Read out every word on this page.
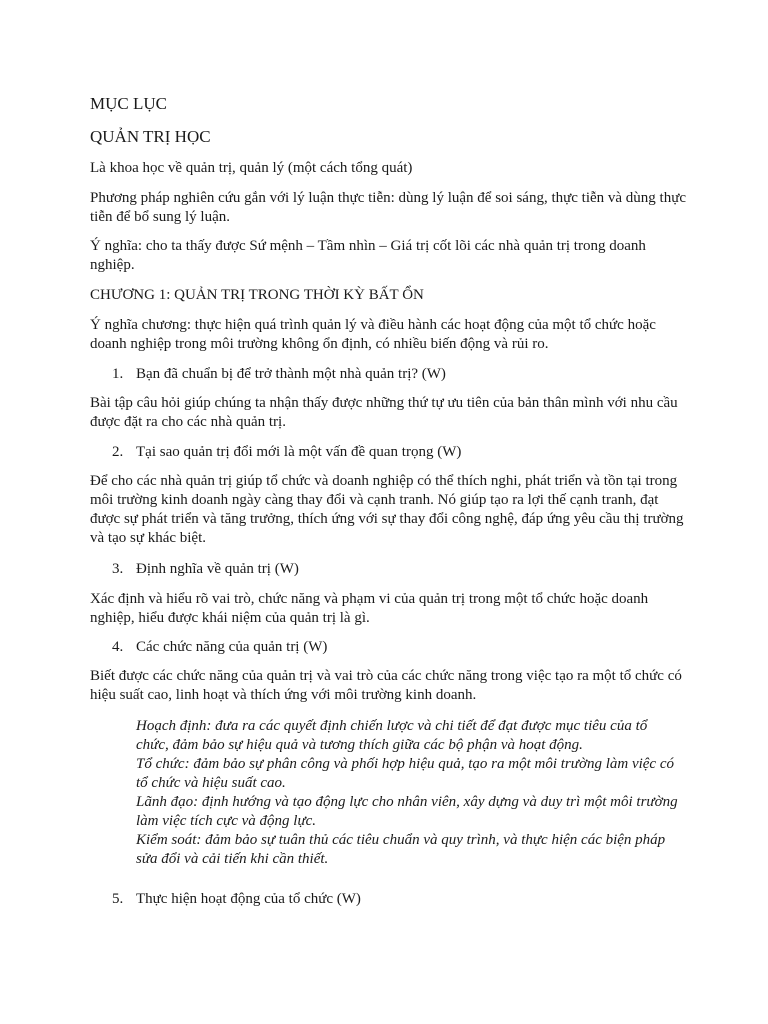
MỤC LỤC

QUẢN TRỊ HỌC

Là khoa học về quản trị, quản lý (một cách tổng quát)

Phương pháp nghiên cứu gắn với lý luận thực tiễn: dùng lý luận để soi sáng, thực tiễn và dùng thực tiễn để bổ sung lý luận.

Ý nghĩa: cho ta thấy được Sứ mệnh – Tầm nhìn – Giá trị cốt lõi các nhà quản trị trong doanh nghiệp.

CHƯƠNG 1: QUẢN TRỊ TRONG THỜI KỲ BẤT ỔN

Ý nghĩa chương: thực hiện quá trình quản lý và điều hành các hoạt động của một tổ chức hoặc doanh nghiệp trong môi trường không ổn định, có nhiều biến động và rủi ro.

1. Bạn đã chuẩn bị để trở thành một nhà quản trị? (W)

Bài tập câu hỏi giúp chúng ta nhận thấy được những thứ tự ưu tiên của bản thân mình với nhu cầu được đặt ra cho các nhà quản trị.

2. Tại sao quản trị đổi mới là một vấn đề quan trọng (W)

Để cho các nhà quản trị giúp tổ chức và doanh nghiệp có thể thích nghi, phát triển và tồn tại trong môi trường kinh doanh ngày càng thay đổi và cạnh tranh. Nó giúp tạo ra lợi thế cạnh tranh, đạt được sự phát triển và tăng trưởng, thích ứng với sự thay đổi công nghệ, đáp ứng yêu cầu thị trường và tạo sự khác biệt.

3. Định nghĩa về quản trị (W)

Xác định và hiểu rõ vai trò, chức năng và phạm vi của quản trị trong một tổ chức hoặc doanh nghiệp, hiểu được khái niệm của quản trị là gì.

4. Các chức năng của quản trị (W)

Biết được các chức năng của quản trị và vai trò của các chức năng trong việc tạo ra một tổ chức có hiệu suất cao, linh hoạt và thích ứng với môi trường kinh doanh.

Hoạch định: đưa ra các quyết định chiến lược và chi tiết để đạt được mục tiêu của tổ chức, đảm bảo sự hiệu quả và tương thích giữa các bộ phận và hoạt động.
Tổ chức: đảm bảo sự phân công và phối hợp hiệu quả, tạo ra một môi trường làm việc có tổ chức và hiệu suất cao.
Lãnh đạo: định hướng và tạo động lực cho nhân viên, xây dựng và duy trì một môi trường làm việc tích cực và động lực.
Kiểm soát: đảm bảo sự tuân thủ các tiêu chuẩn và quy trình, và thực hiện các biện pháp sửa đổi và cải tiến khi cần thiết.

5. Thực hiện hoạt động của tổ chức (W)
